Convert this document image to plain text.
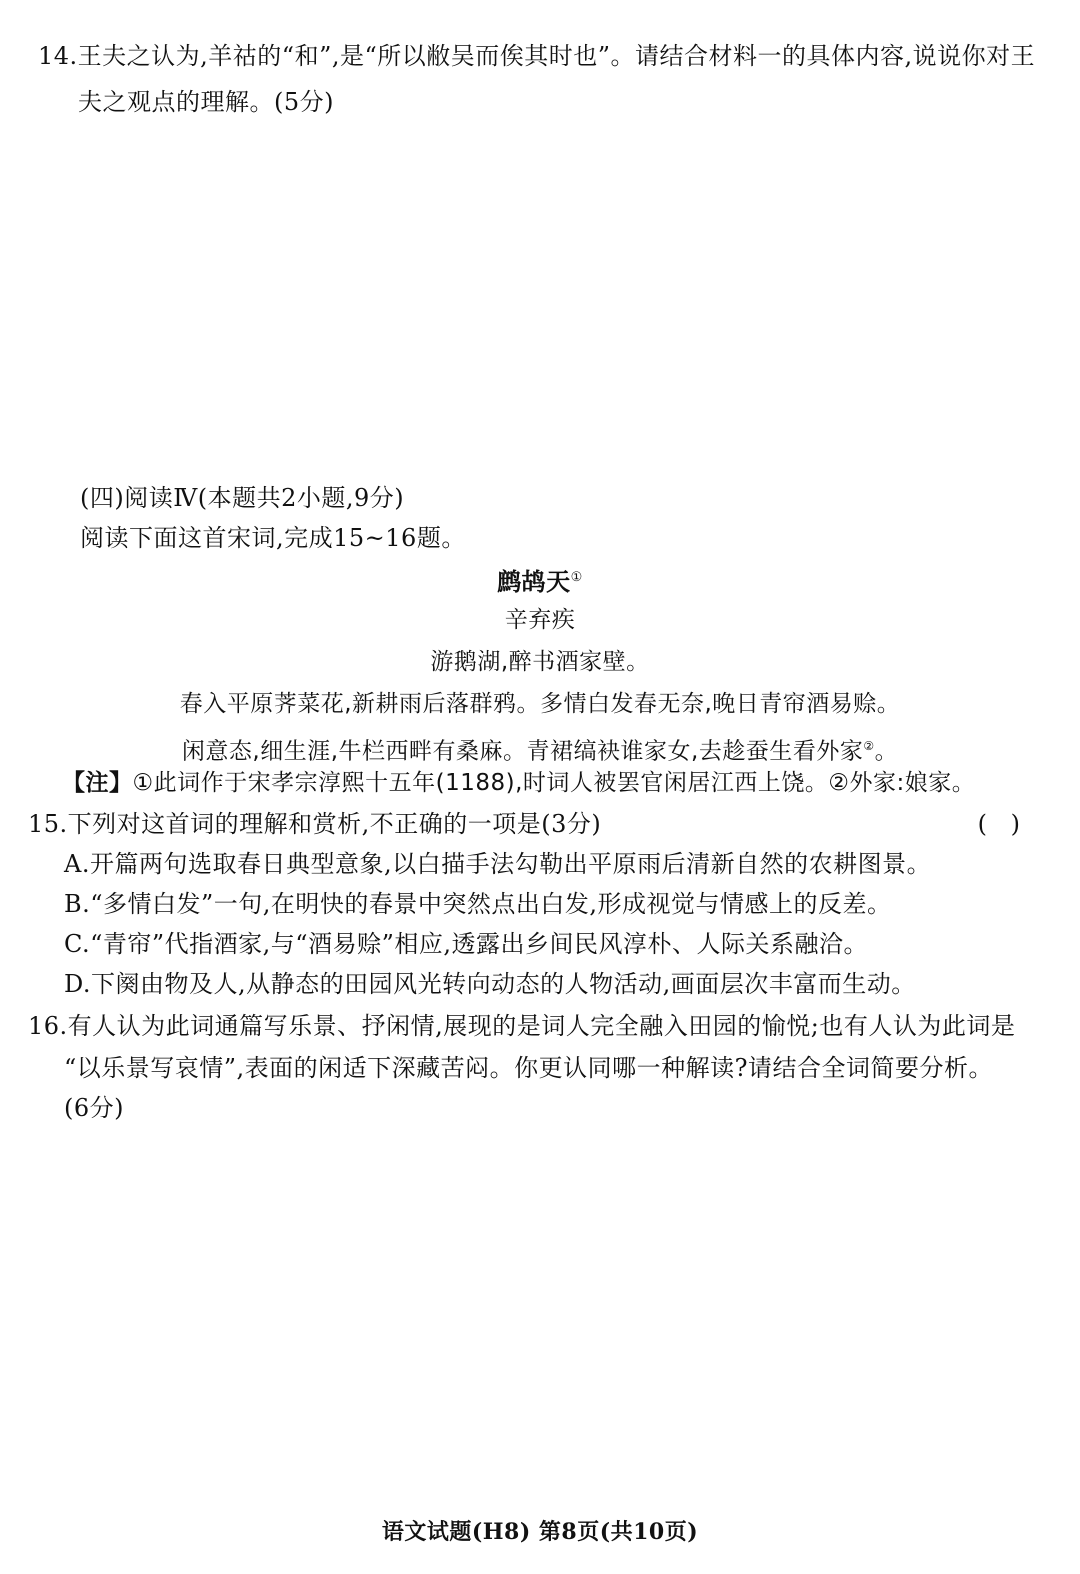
14.王夫之认为,羊祜的“和”,是“所以敝吴而俟其时也”。请结合材料一的具体内容,说说你对王
夫之观点的理解。(5分)
(四)阅读Ⅳ(本题共2小题,9分)
阅读下面这首宋词,完成15~16题。
鹧鸪天①
辛弃疾
游鹅湖,醉书酒家壁。
春入平原荠菜花,新耕雨后落群鸦。多情白发春无奈,晚日青帘酒易赊。
闲意态,细生涯,牛栏西畔有桑麻。青裙缟袂谁家女,去趁蚕生看外家②。
【注】①此词作于宋孝宗淳熙十五年(1188),时词人被罢官闲居江西上饶。②外家:娘家。
15.下列对这首词的理解和赏析,不正确的一项是(3分)	( )
A.开篇两句选取春日典型意象,以白描手法勾勒出平原雨后清新自然的农耕图景。
B.“多情白发”一句,在明快的春景中突然点出白发,形成视觉与情感上的反差。
C.“青帘”代指酒家,与“酒易赊”相应,透露出乡间民风淳朴、人际关系融洽。
D.下阕由物及人,从静态的田园风光转向动态的人物活动,画面层次丰富而生动。
16.有人认为此词通篇写乐景、抒闲情,展现的是词人完全融入田园的愉悦;也有人认为此词是
“以乐景写哀情”,表面的闲适下深藏苦闷。你更认同哪一种解读?请结合全词简要分析。
(6分)
语文试题(H8) 第8页(共10页)
